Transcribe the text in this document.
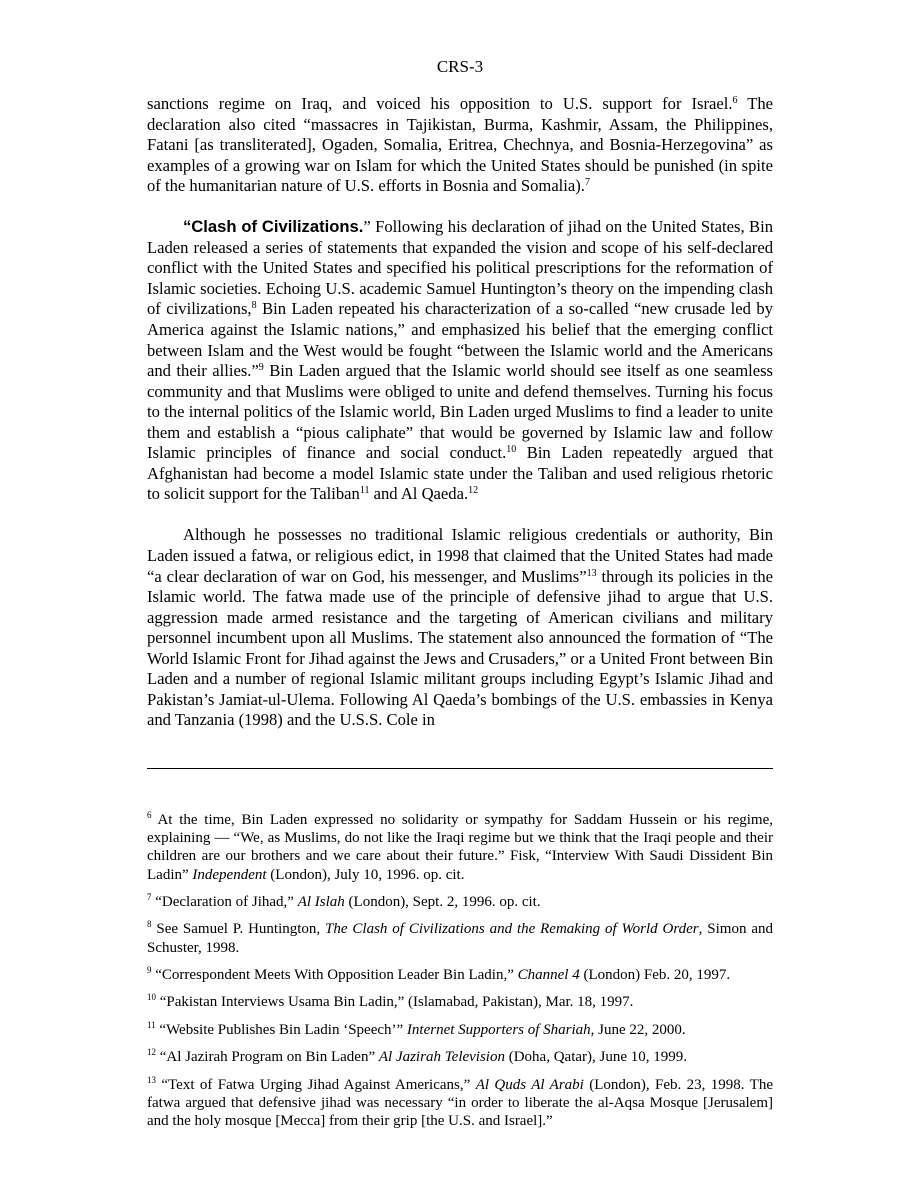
CRS-3

sanctions regime on Iraq, and voiced his opposition to U.S. support for Israel.$^6$ The declaration also cited “massacres in Tajikistan, Burma, Kashmir, Assam, the Philippines, Fatani [as transliterated], Ogaden, Somalia, Eritrea, Chechnya, and Bosnia-Herzegovina” as examples of a growing war on Islam for which the United States should be punished (in spite of the humanitarian nature of U.S. efforts in Bosnia and Somalia).$^7$

“Clash of Civilizations.” Following his declaration of jihad on the United States, Bin Laden released a series of statements that expanded the vision and scope of his self-declared conflict with the United States and specified his political prescriptions for the reformation of Islamic societies. Echoing U.S. academic Samuel Huntington’s theory on the impending clash of civilizations,$^8$ Bin Laden repeated his characterization of a so-called “new crusade led by America against the Islamic nations,” and emphasized his belief that the emerging conflict between Islam and the West would be fought “between the Islamic world and the Americans and their allies.”$^9$ Bin Laden argued that the Islamic world should see itself as one seamless community and that Muslims were obliged to unite and defend themselves. Turning his focus to the internal politics of the Islamic world, Bin Laden urged Muslims to find a leader to unite them and establish a “pious caliphate” that would be governed by Islamic law and follow Islamic principles of finance and social conduct.$^{10}$ Bin Laden repeatedly argued that Afghanistan had become a model Islamic state under the Taliban and used religious rhetoric to solicit support for the Taliban$^{11}$ and Al Qaeda.$^{12}$

Although he possesses no traditional Islamic religious credentials or authority, Bin Laden issued a fatwa, or religious edict, in 1998 that claimed that the United States had made “a clear declaration of war on God, his messenger, and Muslims”$^{13}$ through its policies in the Islamic world. The fatwa made use of the principle of defensive jihad to argue that U.S. aggression made armed resistance and the targeting of American civilians and military personnel incumbent upon all Muslims. The statement also announced the formation of “The World Islamic Front for Jihad against the Jews and Crusaders,” or a United Front between Bin Laden and a number of regional Islamic militant groups including Egypt’s Islamic Jihad and Pakistan’s Jamiat-ul-Ulema. Following Al Qaeda’s bombings of the U.S. embassies in Kenya and Tanzania (1998) and the U.S.S. Cole in

$^6$ At the time, Bin Laden expressed no solidarity or sympathy for Saddam Hussein or his regime, explaining — “We, as Muslims, do not like the Iraqi regime but we think that the Iraqi people and their children are our brothers and we care about their future.” Fisk, “Interview With Saudi Dissident Bin Ladin” Independent (London), July 10, 1996. op. cit.
$^7$ “Declaration of Jihad,” Al Islah (London), Sept. 2, 1996. op. cit.
$^8$ See Samuel P. Huntington, The Clash of Civilizations and the Remaking of World Order, Simon and Schuster, 1998.
$^9$ “Correspondent Meets With Opposition Leader Bin Ladin,” Channel 4 (London) Feb. 20, 1997.
$^{10}$ “Pakistan Interviews Usama Bin Ladin,” (Islamabad, Pakistan), Mar. 18, 1997.
$^{11}$ “Website Publishes Bin Ladin ‘Speech’” Internet Supporters of Shariah, June 22, 2000.
$^{12}$ “Al Jazirah Program on Bin Laden” Al Jazirah Television (Doha, Qatar), June 10, 1999.
$^{13}$ “Text of Fatwa Urging Jihad Against Americans,” Al Quds Al Arabi (London), Feb. 23, 1998. The fatwa argued that defensive jihad was necessary “in order to liberate the al-Aqsa Mosque [Jerusalem] and the holy mosque [Mecca] from their grip [the U.S. and Israel].”
